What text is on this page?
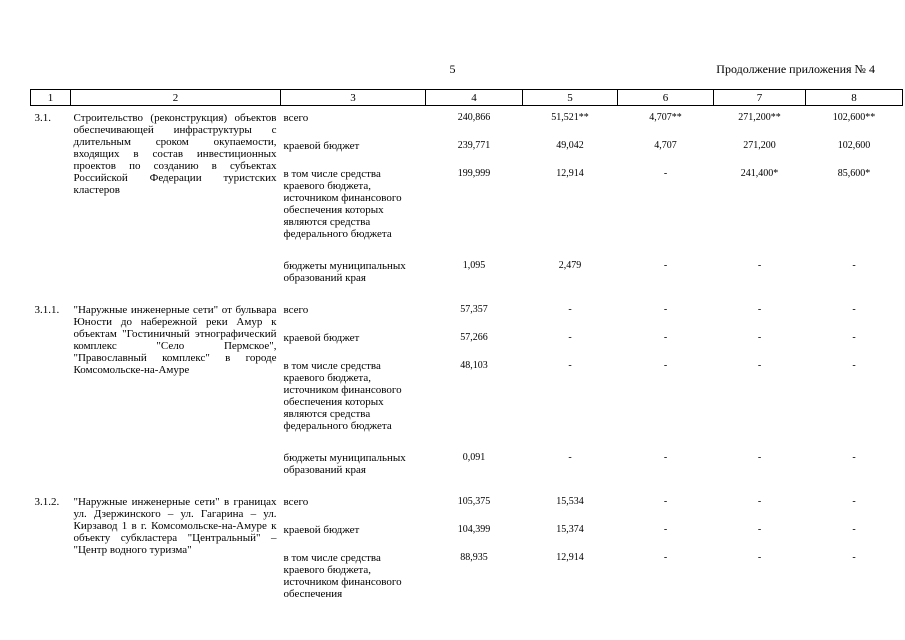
5	Продолжение приложения № 4
1	2	3	4	5	6	7	8
3.1.	Строительство (реконструкция) объектов обеспечивающей инфраструктуры с длительным сроком окупаемости, входящих в состав инвестиционных проектов по созданию в субъектах Российской Федерации туристских кластеров	всего	240,866	51,521**	4,707**	271,200**	102,600**
		краевой бюджет	239,771	49,042	4,707	271,200	102,600
		в том числе средства краевого бюджета, источником финансового обеспечения которых являются средства федерального бюджета	199,999	12,914	-	241,400*	85,600*
		бюджеты муниципальных образований края	1,095	2,479	-	-	-
3.1.1.	"Наружные инженерные сети" от бульвара Юности до набережной реки Амур к объектам "Гостиничный этнографический комплекс "Село Пермское", "Православный комплекс" в городе Комсомольске-на-Амуре	всего	57,357	-	-	-	-
		краевой бюджет	57,266	-	-	-	-
		в том числе средства краевого бюджета, источником финансового обеспечения которых являются средства федерального бюджета	48,103	-	-	-	-
		бюджеты муниципальных образований края	0,091	-	-	-	-
3.1.2.	"Наружные инженерные сети" в границах ул. Дзержинского – ул. Гагарина – ул. Кирзавод 1 в г. Комсомольске-на-Амуре к объекту субкластера "Центральный" – "Центр водного туризма"	всего	105,375	15,534	-	-	-
		краевой бюджет	104,399	15,374	-	-	-
		в том числе средства краевого бюджета, источником финансового обеспечения	88,935	12,914	-	-	-
